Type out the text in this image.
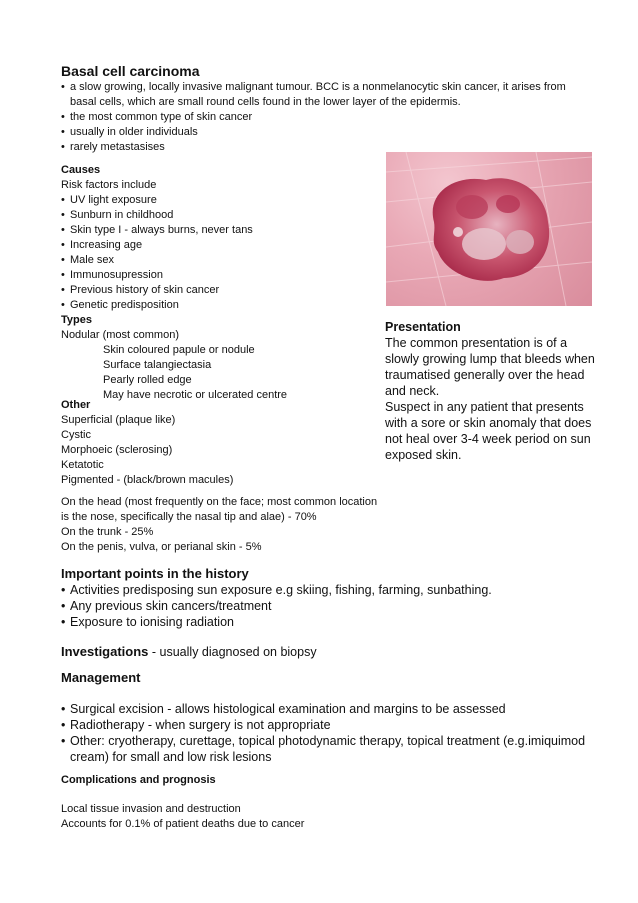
Basal cell carcinoma
• a slow growing, locally invasive malignant tumour. BCC is a nonmelanocytic skin cancer, it arises from basal cells, which are small round cells found in the lower layer of the epidermis.
• the most common type of skin cancer
• usually in older individuals
• rarely metastasises
Causes
Risk factors include
• UV light exposure
• Sunburn in childhood
• Skin type I - always burns, never tans
• Increasing age
• Male sex
• Immunosupression
• Previous history of skin cancer
• Genetic predisposition
Types
Nodular (most common)
Skin coloured papule or nodule
Surface talangiectasia
Pearly rolled edge
May have necrotic or ulcerated centre
Other
Superficial (plaque like)
Cystic
Morphoeic (sclerosing)
Ketatotic
Pigmented - (black/brown macules)
On the head (most frequently on the face; most common location is the nose, specifically the nasal tip and alae) - 70%
On the trunk - 25%
On the penis, vulva, or perianal skin - 5%
Presentation
The common presentation is of a slowly growing lump that bleeds when traumatised generally over the head and neck.
Suspect in any patient that presents with a sore or skin anomaly that does not heal over 3-4 week period on sun exposed skin.
Important points in the history
• Activities predisposing sun exposure e.g skiing, fishing, farming, sunbathing.
• Any previous skin cancers/treatment
• Exposure to ionising radiation
Investigations - usually diagnosed on biopsy
Management
• Surgical excision - allows histological examination and margins to be assessed
• Radiotherapy - when surgery is not appropriate
• Other: cryotherapy, curettage, topical photodynamic therapy, topical treatment (e.g.imiquimod cream) for small and low risk lesions
Complications and prognosis
Local tissue invasion and destruction
Accounts for 0.1% of patient deaths due to cancer
